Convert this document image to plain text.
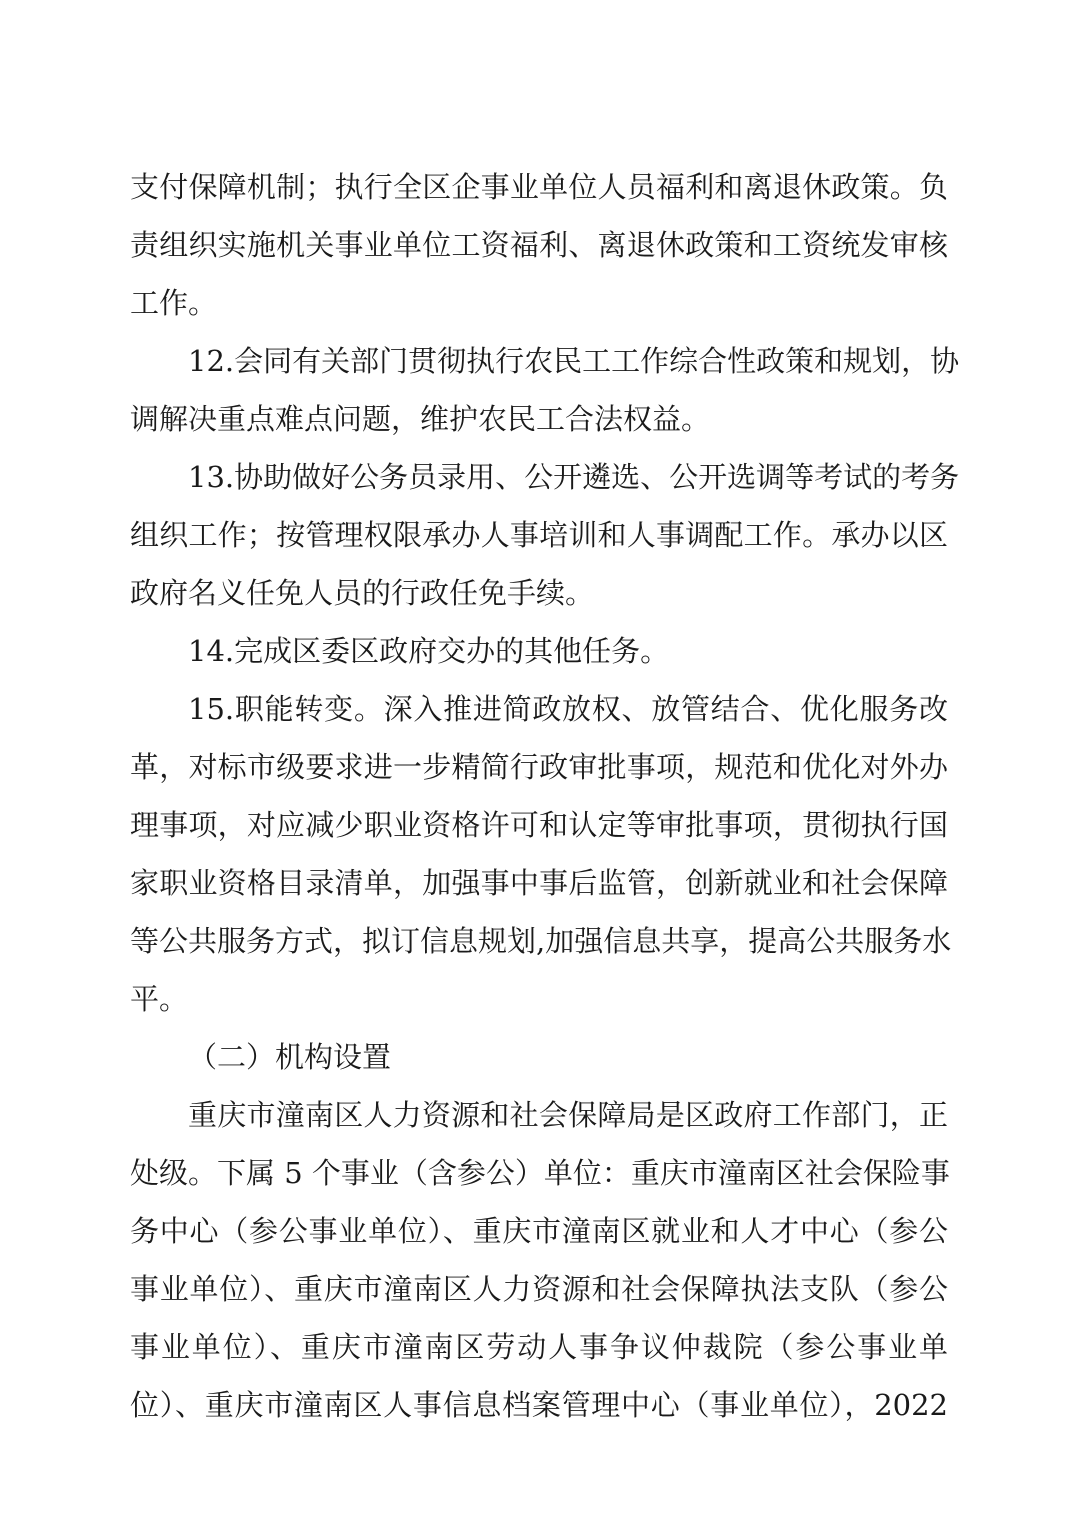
支付保障机制；执行全区企事业单位人员福利和离退休政策。负
责组织实施机关事业单位工资福利、离退休政策和工资统发审核
工作。
12.会同有关部门贯彻执行农民工工作综合性政策和规划，协
调解决重点难点问题，维护农民工合法权益。
13.协助做好公务员录用、公开遴选、公开选调等考试的考务
组织工作；按管理权限承办人事培训和人事调配工作。承办以区
政府名义任免人员的行政任免手续。
14.完成区委区政府交办的其他任务。
15.职能转变。深入推进简政放权、放管结合、优化服务改
革，对标市级要求进一步精简行政审批事项，规范和优化对外办
理事项，对应减少职业资格许可和认定等审批事项，贯彻执行国
家职业资格目录清单，加强事中事后监管，创新就业和社会保障
等公共服务方式，拟订信息规划,加强信息共享，提高公共服务水
平。
（二）机构设置
重庆市潼南区人力资源和社会保障局是区政府工作部门，正
处级。下属 5 个事业（含参公）单位：重庆市潼南区社会保险事
务中心（参公事业单位）、重庆市潼南区就业和人才中心（参公
事业单位）、重庆市潼南区人力资源和社会保障执法支队（参公
事业单位）、重庆市潼南区劳动人事争议仲裁院（参公事业单
位）、重庆市潼南区人事信息档案管理中心（事业单位），2022
